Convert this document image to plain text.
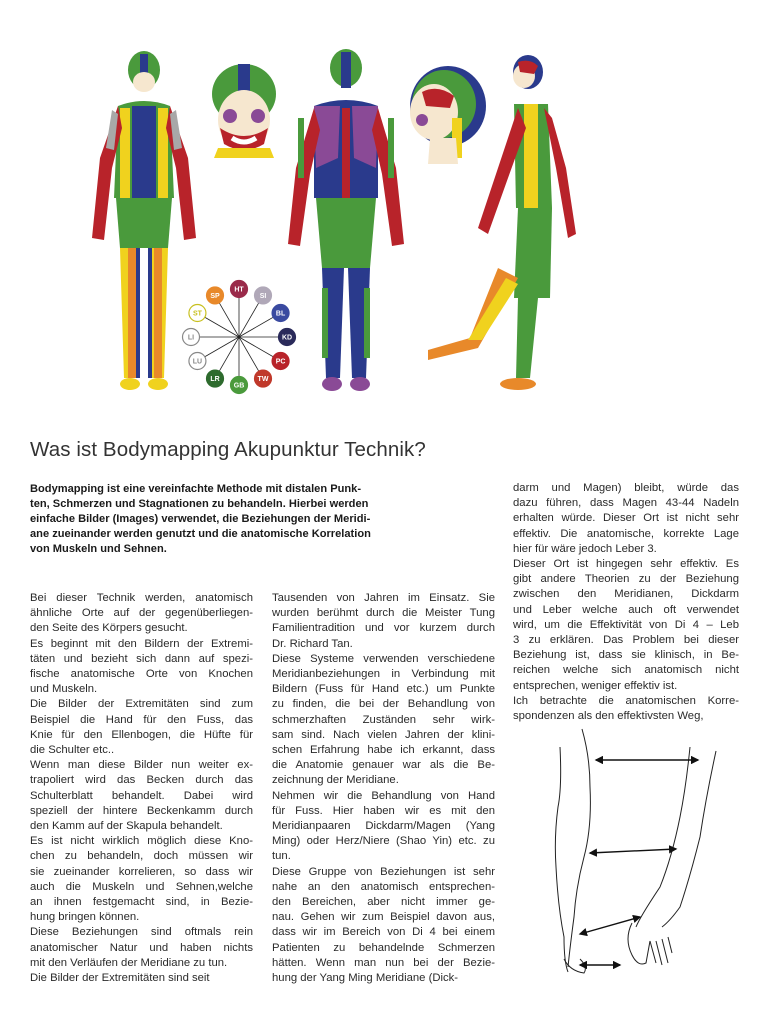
HT
SI
BL
KD
PC
TW
GB
LR
LU
LI
ST
SP
Was ist Bodymapping Akupunktur Technik?
Bodymapping ist eine vereinfachte Methode mit distalen Punk-
ten, Schmerzen und Stagnationen zu behandeln. Hierbei werden
einfache Bilder (Images) verwendet, die Beziehungen der Meridi-
ane zueinander werden genutzt und die anatomische Korrelation
von Muskeln und Sehnen.
Bei dieser Technik werden, anatomisch
ähnliche Orte auf der gegenüberliegen-
den Seite des Körpers gesucht.
Es beginnt mit den Bildern der Extremi-
täten und bezieht sich dann auf spezi-
fische anatomische Orte von Knochen
und Muskeln.
Die Bilder der Extremitäten sind zum
Beispiel die Hand für den Fuss, das
Knie für den Ellenbogen, die Hüfte für
die Schulter etc..
Wenn man diese Bilder nun weiter ex-
trapoliert wird das Becken durch das
Schulterblatt behandelt. Dabei wird
speziell der hintere Beckenkamm durch
den Kamm auf der Skapula behandelt.
Es ist nicht wirklich möglich diese Kno-
chen zu behandeln, doch müssen wir
sie zueinander korrelieren, so dass wir
auch die Muskeln und Sehnen,welche
an ihnen festgemacht sind, in Bezie-
hung bringen können.
Diese Beziehungen sind oftmals rein
anatomischer Natur und haben nichts
mit den Verläufen der Meridiane zu tun.
Die Bilder der Extremitäten sind seit
Tausenden von Jahren im Einsatz. Sie
wurden berühmt durch die Meister Tung
Familientradition und vor kurzem durch
Dr. Richard Tan.
Diese Systeme verwenden verschiedene
Meridianbeziehungen in Verbindung mit
Bildern (Fuss für Hand etc.) um Punkte
zu finden, die bei der Behandlung von
schmerzhaften Zuständen sehr wirk-
sam sind. Nach vielen Jahren der klini-
schen Erfahrung habe ich erkannt, dass
die Anatomie genauer war als die Be-
zeichnung der Meridiane.
Nehmen wir die Behandlung von Hand
für Fuss. Hier haben wir es mit den
Meridianpaaren Dickdarm/Magen (Yang
Ming) oder Herz/Niere (Shao Yin) etc. zu
tun.
Diese Gruppe von Beziehungen ist sehr
nahe an den anatomisch entsprechen-
den Bereichen, aber nicht immer ge-
nau. Gehen wir zum Beispiel davon aus,
dass wir im Bereich von Di 4 bei einem
Patienten zu behandelnde Schmerzen
hätten. Wenn man nun bei der Bezie-
hung der Yang Ming Meridiane (Dick-
darm und Magen) bleibt, würde das
dazu führen, dass Magen 43-44 Nadeln
erhalten würde. Dieser Ort ist nicht sehr
effektiv. Die anatomische, korrekte Lage
hier für wäre jedoch Leber 3.
Dieser Ort ist hingegen sehr effektiv. Es
gibt andere Theorien zu der Beziehung
zwischen den Meridianen, Dickdarm
und Leber welche auch oft verwendet
wird, um die Effektivität von Di 4 – Leb
3 zu erklären. Das Problem bei dieser
Beziehung ist, dass sie klinisch, in Be-
reichen welche sich anatomisch nicht
entsprechen, weniger effektiv ist.
Ich betrachte die anatomischen Korre-
spondenzen als den effektivsten Weg,
